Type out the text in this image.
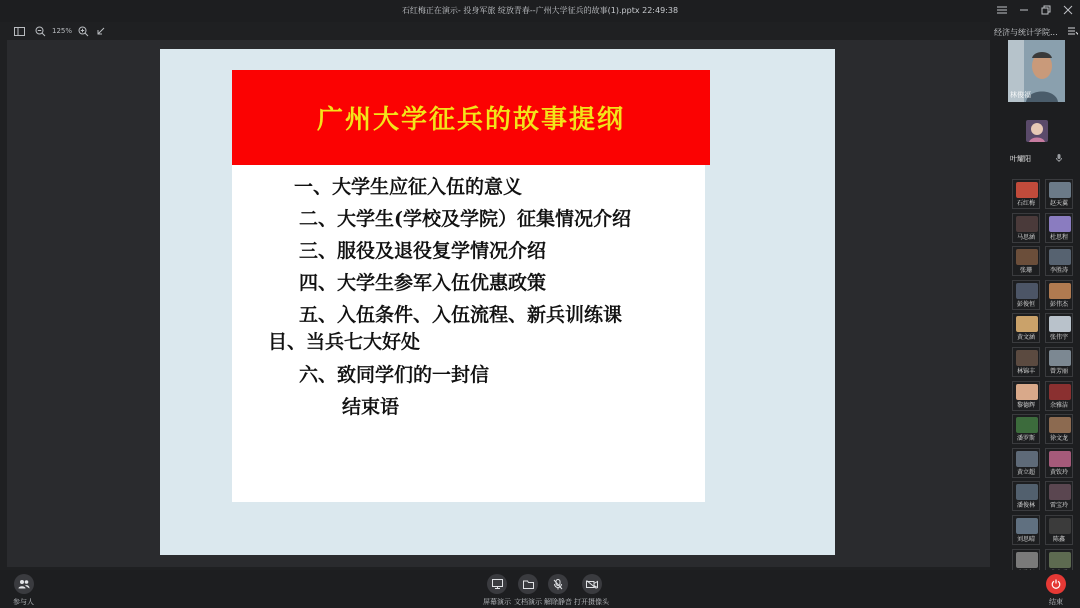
石红梅正在演示- 投身军旅 绽放青春--广州大学征兵的故事(1).pptx 22:49:38
125%
广州大学征兵的故事提纲
一、大学生应征入伍的意义
二、大学生(学校及学院）征集情况介绍
三、服役及退役复学情况介绍
四、大学生参军入伍优惠政策
五、入伍条件、入伍流程、新兵训练课
目、当兵七大好处
六、致同学们的一封信
结束语
经济与统计学院...
林俊福
叶耀阳
石红梅	赵天翼
马思涵	杜思程
张珊	李胜涛
彭俊恒	彭伟杰
黄文涵	张伟宇
林锦丰	曾芳丽
黎德辉	余雅洁
潘罗斯	徐文龙
黄立超	黄钦玲
潘俊林	雷宝玲
刘思晴	陈鑫
参与人	屏幕演示 文档演示 解除静音 打开摄像头	结束
